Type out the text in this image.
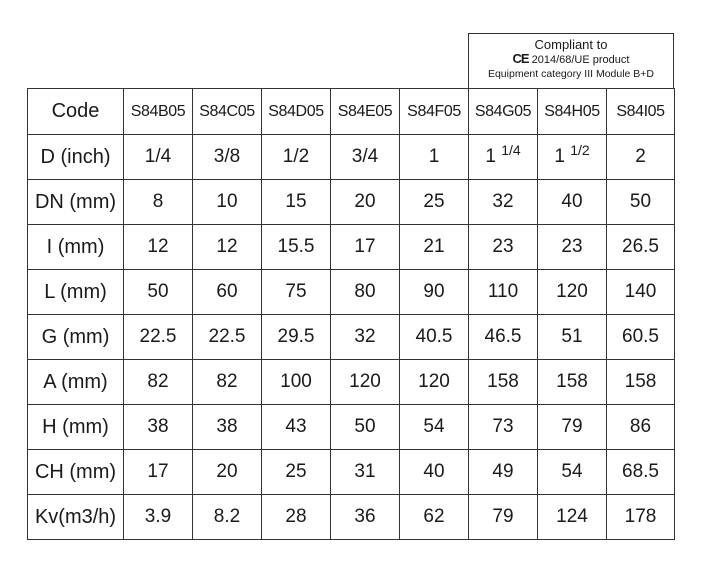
Compliant to
CE 2014/68/UE product
Equipment category III Module B+D
Code	S84B05	S84C05	S84D05	S84E05	S84F05	S84G05	S84H05	S84I05
D (inch)	1/4	3/8	1/2	3/4	1	1 $^{1/4}$	1 $^{1/2}$	2
DN (mm)	8	10	15	20	25	32	40	50
I (mm)	12	12	15.5	17	21	23	23	26.5
L (mm)	50	60	75	80	90	110	120	140
G (mm)	22.5	22.5	29.5	32	40.5	46.5	51	60.5
A (mm)	82	82	100	120	120	158	158	158
H (mm)	38	38	43	50	54	73	79	86
CH (mm)	17	20	25	31	40	49	54	68.5
Kv(m3/h)	3.9	8.2	28	36	62	79	124	178
